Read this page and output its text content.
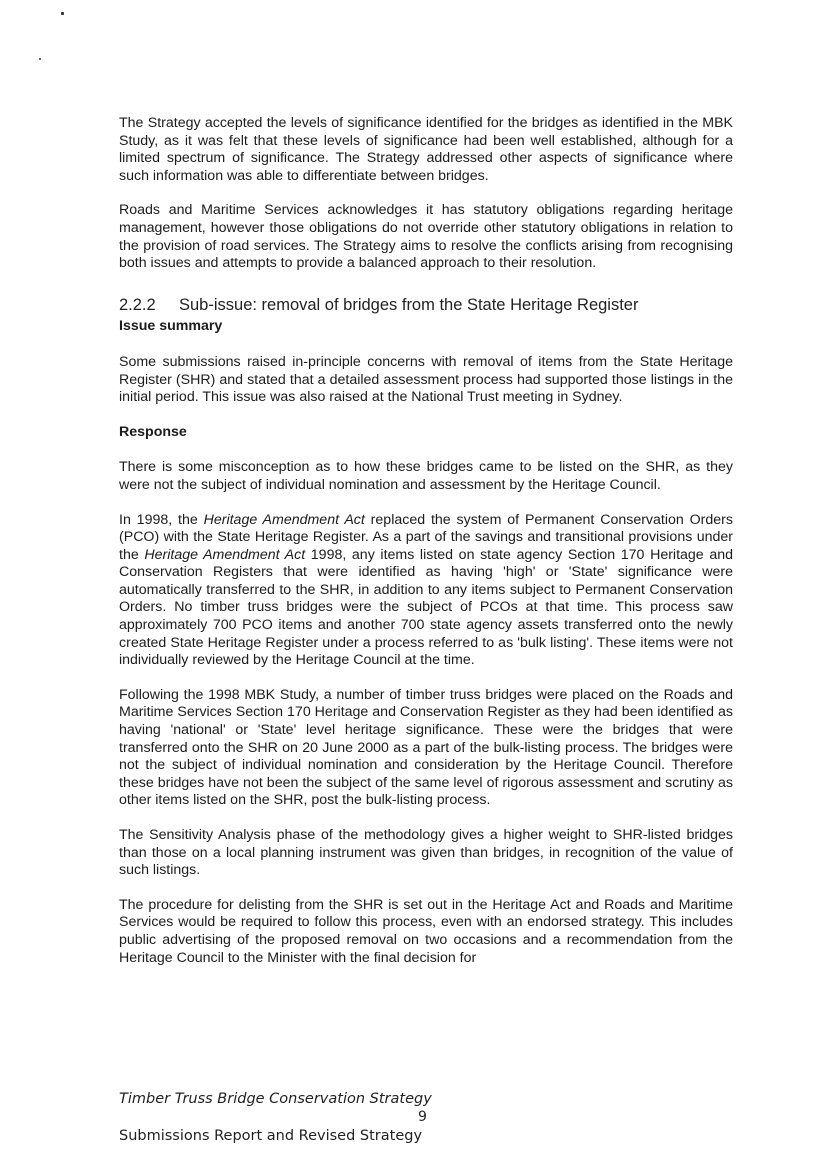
The Strategy accepted the levels of significance identified for the bridges as identified in the MBK Study, as it was felt that these levels of significance had been well established, although for a limited spectrum of significance. The Strategy addressed other aspects of significance where such information was able to differentiate between bridges.

Roads and Maritime Services acknowledges it has statutory obligations regarding heritage management, however those obligations do not override other statutory obligations in relation to the provision of road services. The Strategy aims to resolve the conflicts arising from recognising both issues and attempts to provide a balanced approach to their resolution.

2.2.2 Sub-issue: removal of bridges from the State Heritage Register
Issue summary

Some submissions raised in-principle concerns with removal of items from the State Heritage Register (SHR) and stated that a detailed assessment process had supported those listings in the initial period. This issue was also raised at the National Trust meeting in Sydney.

Response

There is some misconception as to how these bridges came to be listed on the SHR, as they were not the subject of individual nomination and assessment by the Heritage Council.

In 1998, the Heritage Amendment Act replaced the system of Permanent Conservation Orders (PCO) with the State Heritage Register. As a part of the savings and transitional provisions under the Heritage Amendment Act 1998, any items listed on state agency Section 170 Heritage and Conservation Registers that were identified as having 'high' or 'State' significance were automatically transferred to the SHR, in addition to any items subject to Permanent Conservation Orders. No timber truss bridges were the subject of PCOs at that time. This process saw approximately 700 PCO items and another 700 state agency assets transferred onto the newly created State Heritage Register under a process referred to as 'bulk listing'. These items were not individually reviewed by the Heritage Council at the time.

Following the 1998 MBK Study, a number of timber truss bridges were placed on the Roads and Maritime Services Section 170 Heritage and Conservation Register as they had been identified as having 'national' or 'State' level heritage significance. These were the bridges that were transferred onto the SHR on 20 June 2000 as a part of the bulk-listing process. The bridges were not the subject of individual nomination and consideration by the Heritage Council. Therefore these bridges have not been the subject of the same level of rigorous assessment and scrutiny as other items listed on the SHR, post the bulk-listing process.

The Sensitivity Analysis phase of the methodology gives a higher weight to SHR-listed bridges than those on a local planning instrument was given than bridges, in recognition of the value of such listings.

The procedure for delisting from the SHR is set out in the Heritage Act and Roads and Maritime Services would be required to follow this process, even with an endorsed strategy. This includes public advertising of the proposed removal on two occasions and a recommendation from the Heritage Council to the Minister with the final decision for

Timber Truss Bridge Conservation Strategy
9
Submissions Report and Revised Strategy
